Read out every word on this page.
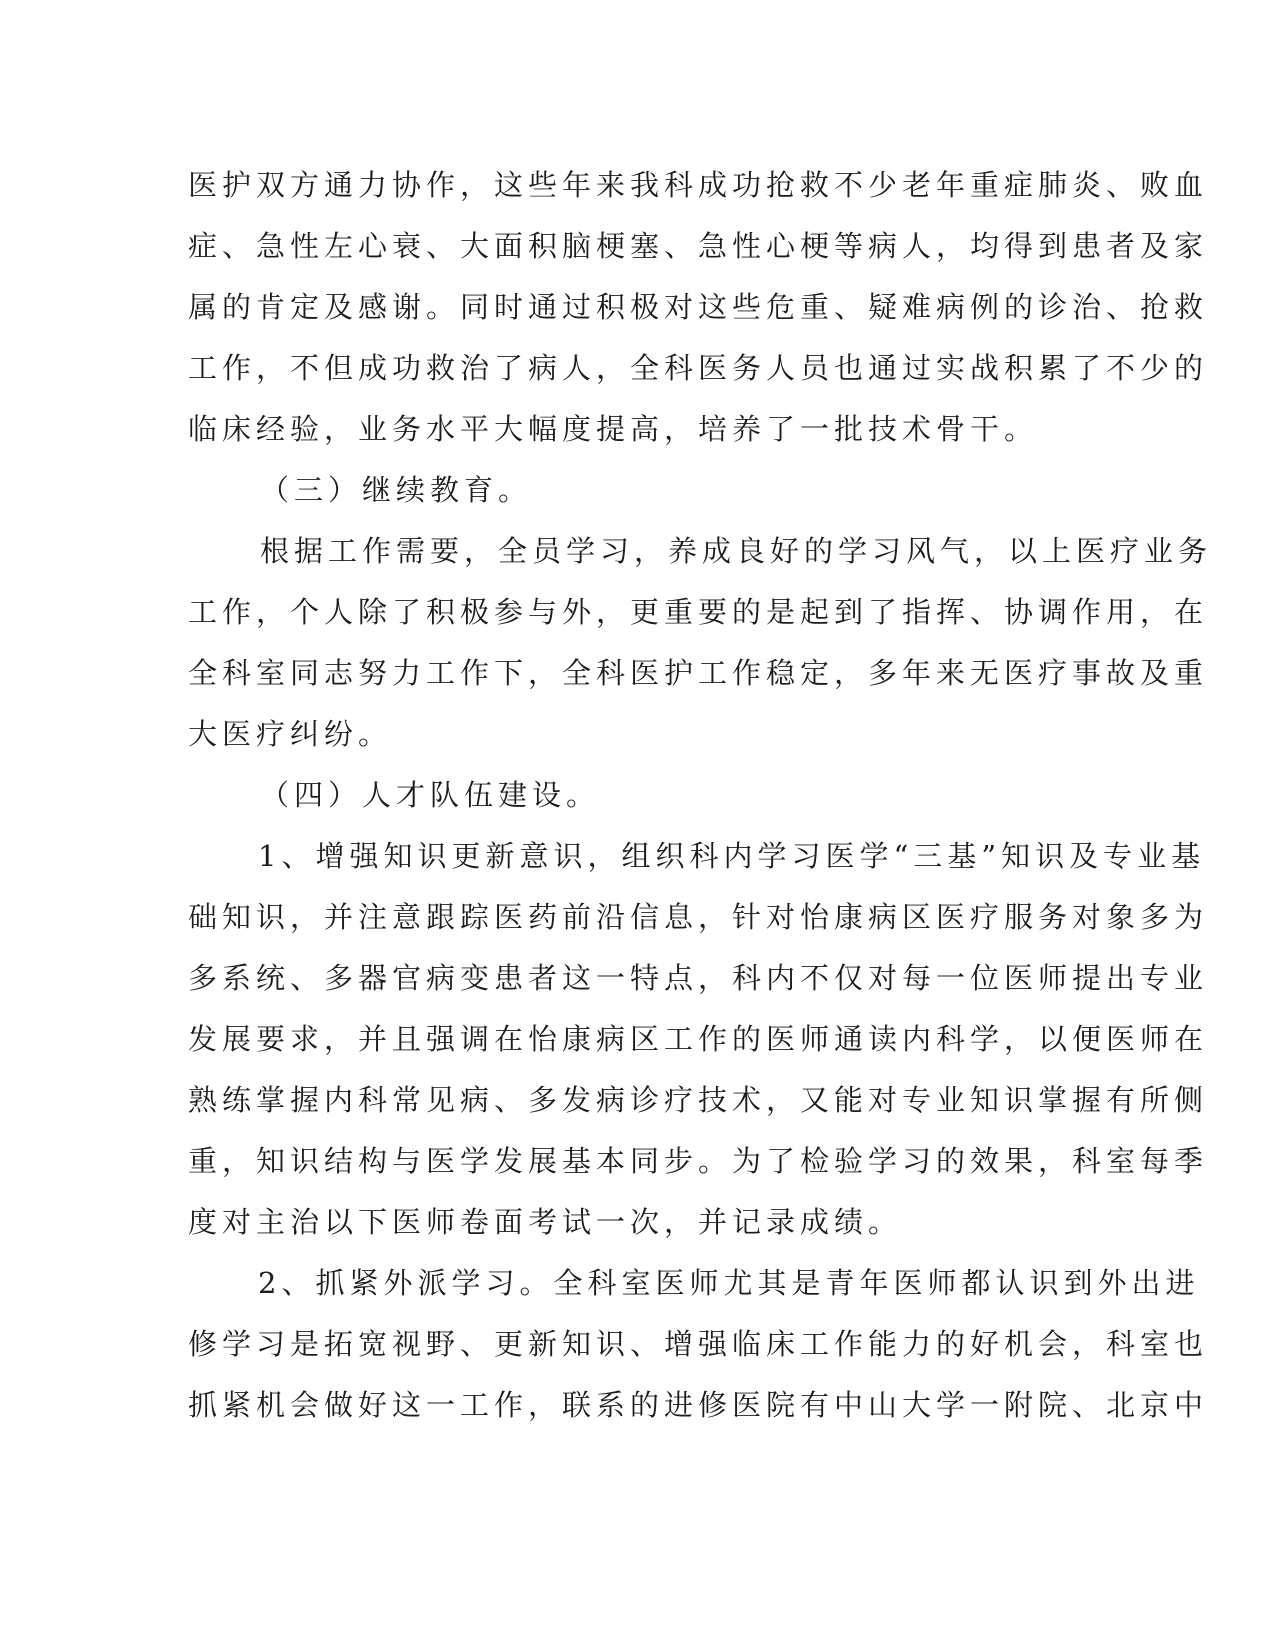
医护双方通力协作，这些年来我科成功抢救不少老年重症肺炎、败血
症、急性左心衰、大面积脑梗塞、急性心梗等病人，均得到患者及家
属的肯定及感谢。同时通过积极对这些危重、疑难病例的诊治、抢救
工作，不但成功救治了病人，全科医务人员也通过实战积累了不少的
临床经验，业务水平大幅度提高，培养了一批技术骨干。
（三）继续教育。
根据工作需要，全员学习，养成良好的学习风气，以上医疗业务
工作，个人除了积极参与外，更重要的是起到了指挥、协调作用，在
全科室同志努力工作下，全科医护工作稳定，多年来无医疗事故及重
大医疗纠纷。
（四）人才队伍建设。
1、增强知识更新意识，组织科内学习医学“三基”知识及专业基
础知识，并注意跟踪医药前沿信息，针对怡康病区医疗服务对象多为
多系统、多器官病变患者这一特点，科内不仅对每一位医师提出专业
发展要求，并且强调在怡康病区工作的医师通读内科学，以便医师在
熟练掌握内科常见病、多发病诊疗技术，又能对专业知识掌握有所侧
重，知识结构与医学发展基本同步。为了检验学习的效果，科室每季
度对主治以下医师卷面考试一次，并记录成绩。
2、抓紧外派学习。全科室医师尤其是青年医师都认识到外出进
修学习是拓宽视野、更新知识、增强临床工作能力的好机会，科室也
抓紧机会做好这一工作，联系的进修医院有中山大学一附院、北京中
